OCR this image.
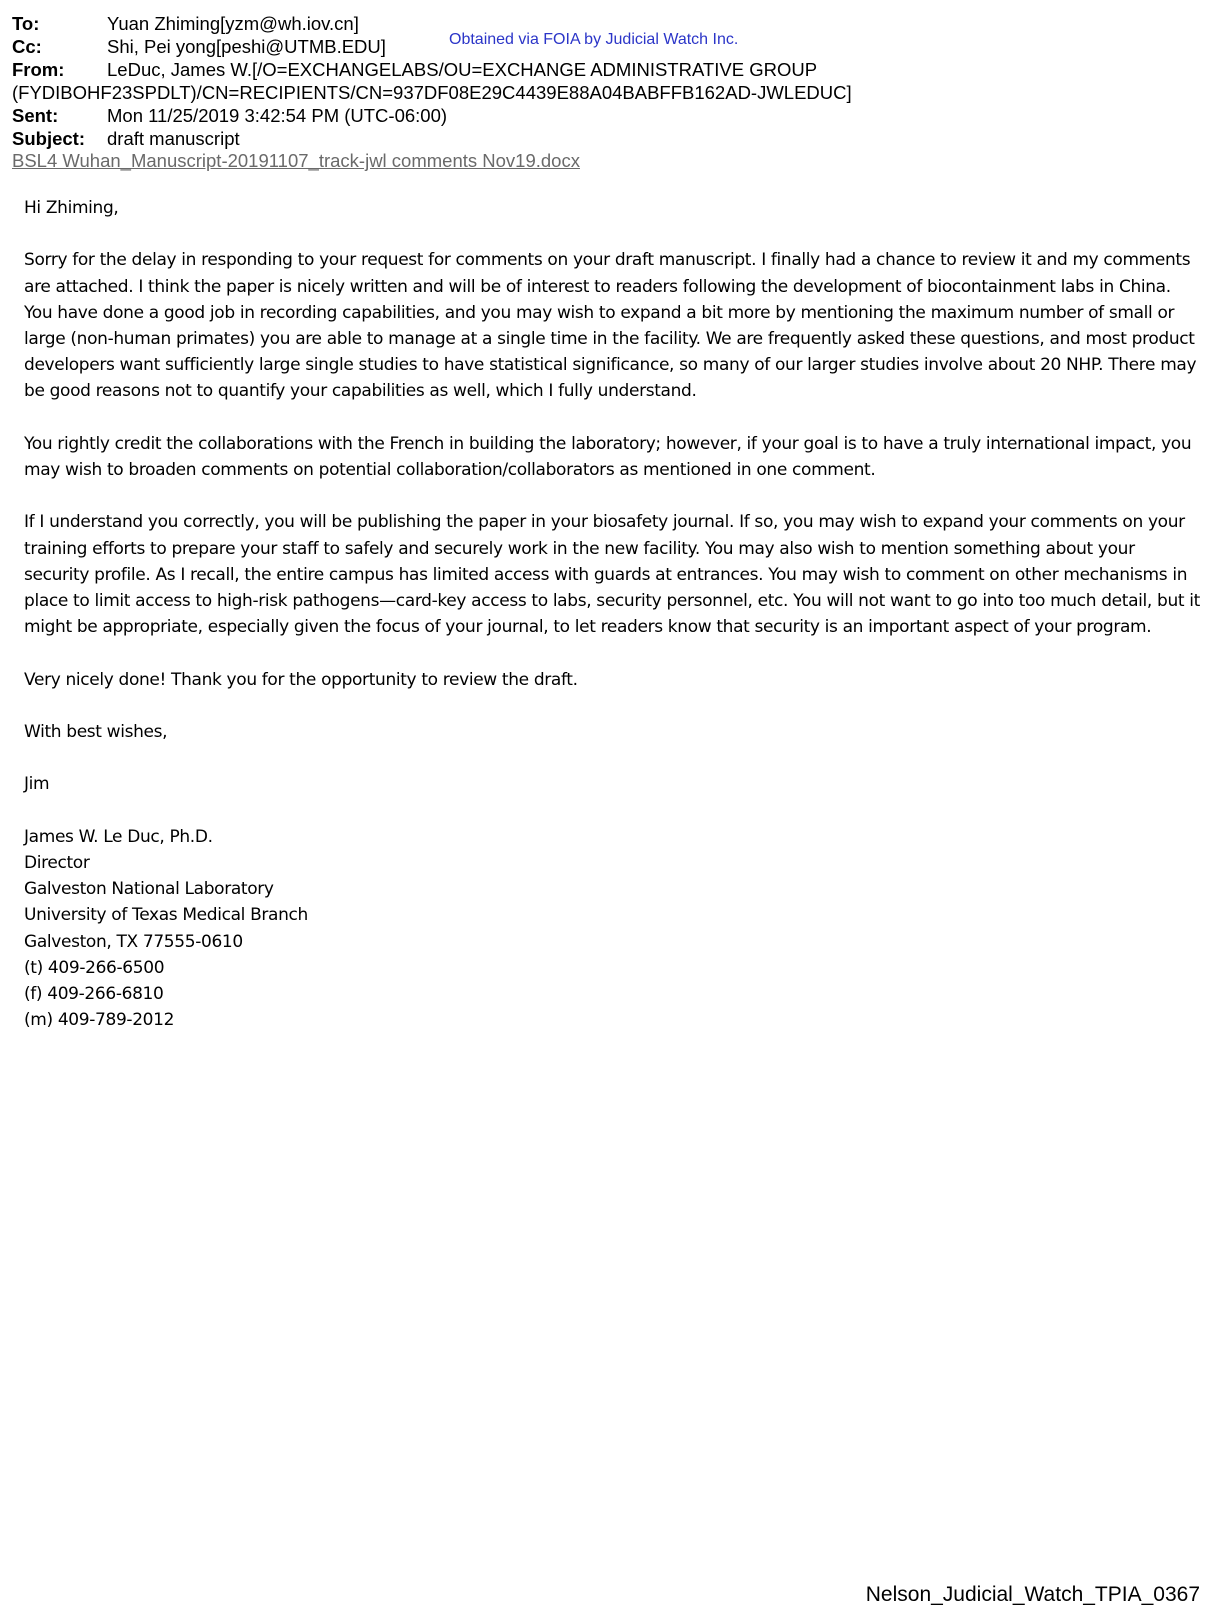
To:	Yuan Zhiming[yzm@wh.iov.cn]
Cc:	Shi, Pei yong[peshi@UTMB.EDU]
From: LeDuc, James W.[/O=EXCHANGELABS/OU=EXCHANGE ADMINISTRATIVE GROUP
(FYDIBOHF23SPDLT)/CN=RECIPIENTS/CN=937DF08E29C4439E88A04BABFFB162AD-JWLEDUC]
Sent:	Mon 11/25/2019 3:42:54 PM (UTC-06:00)
Subject: draft manuscript
Obtained via FOIA by Judicial Watch Inc.
BSL4 Wuhan_Manuscript-20191107_track-jwl comments Nov19.docx

Hi Zhiming,

Sorry for the delay in responding to your request for comments on your draft manuscript. I finally had a chance to review it and my comments are attached. I think the paper is nicely written and will be of interest to readers following the development of biocontainment labs in China. You have done a good job in recording capabilities, and you may wish to expand a bit more by mentioning the maximum number of small or large (non-human primates) you are able to manage at a single time in the facility. We are frequently asked these questions, and most product developers want sufficiently large single studies to have statistical significance, so many of our larger studies involve about 20 NHP. There may be good reasons not to quantify your capabilities as well, which I fully understand.

You rightly credit the collaborations with the French in building the laboratory; however, if your goal is to have a truly international impact, you may wish to broaden comments on potential collaboration/collaborators as mentioned in one comment.

If I understand you correctly, you will be publishing the paper in your biosafety journal. If so, you may wish to expand your comments on your training efforts to prepare your staff to safely and securely work in the new facility. You may also wish to mention something about your security profile. As I recall, the entire campus has limited access with guards at entrances. You may wish to comment on other mechanisms in place to limit access to high-risk pathogens—card-key access to labs, security personnel, etc. You will not want to go into too much detail, but it might be appropriate, especially given the focus of your journal, to let readers know that security is an important aspect of your program.

Very nicely done! Thank you for the opportunity to review the draft.

With best wishes,

Jim

James W. Le Duc, Ph.D.
Director
Galveston National Laboratory
University of Texas Medical Branch
Galveston, TX 77555-0610
(t) 409-266-6500
(f) 409-266-6810
(m) 409-789-2012
Nelson_Judicial_Watch_TPIA_0367
